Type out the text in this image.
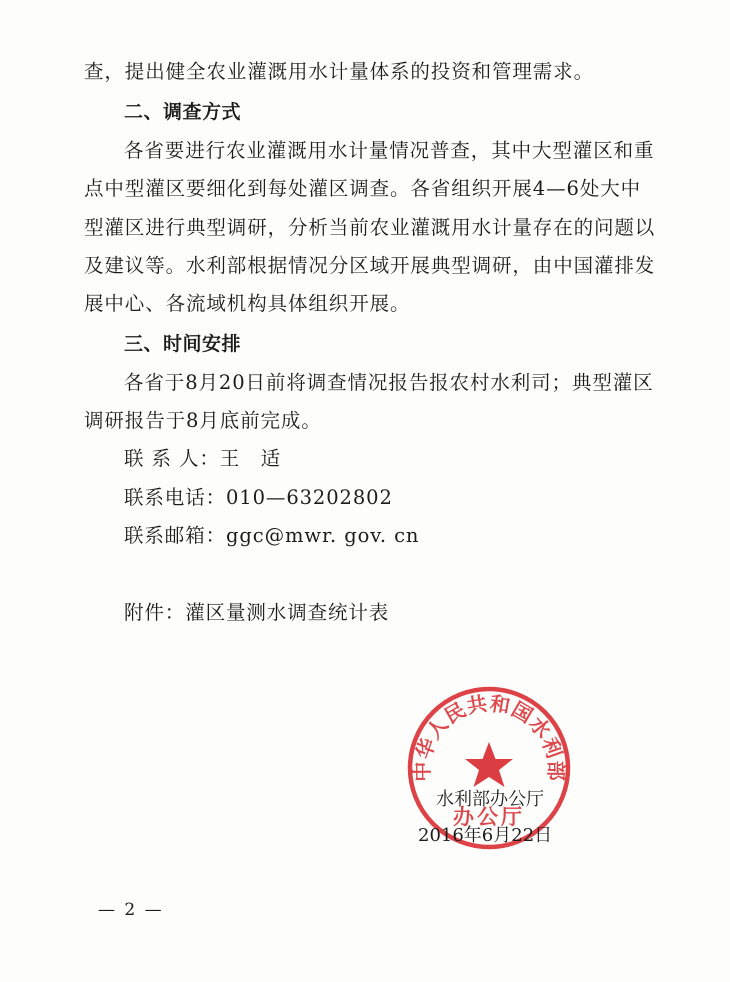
查，提出健全农业灌溉用水计量体系的投资和管理需求。
二、调查方式
各省要进行农业灌溉用水计量情况普查，其中大型灌区和重
点中型灌区要细化到每处灌区调查。各省组织开展4—6处大中
型灌区进行典型调研，分析当前农业灌溉用水计量存在的问题以
及建议等。水利部根据情况分区域开展典型调研，由中国灌排发
展中心、各流域机构具体组织开展。
三、时间安排
各省于8月20日前将调查情况报告报农村水利司；典型灌区
调研报告于8月底前完成。
联 系 人：王　适
联系电话：010—63202802
联系邮箱：ggc@mwr. gov. cn
附件：灌区量测水调查统计表
中华人民共和国水利部
办公厅
水利部办公厅
2016年6月22日
— 2 —
